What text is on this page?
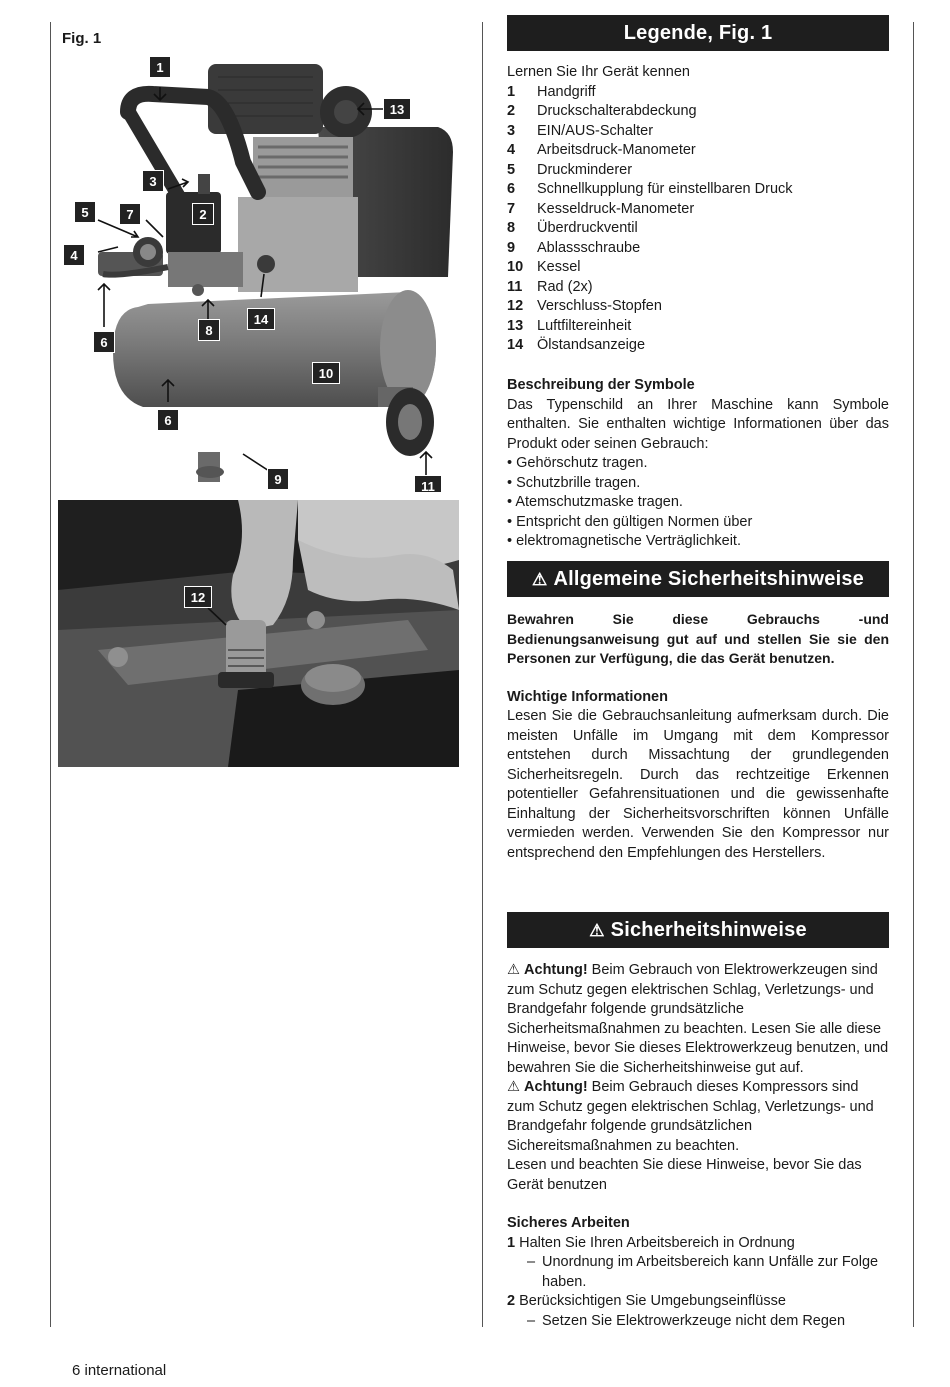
Fig. 1
1
13
3
5	7	2
4
6
8
14
10
6
9	11
12
Legende, Fig. 1

Lernen Sie Ihr Gerät kennen

1	Handgriff
2	Druckschalterabdeckung
3	EIN/AUS-Schalter
4	Arbeitsdruck-Manometer
5	Druckminderer
6	Schnellkupplung für einstellbaren Druck
7	Kesseldruck-Manometer
8	Überdruckventil
9	Ablassschraube
10 Kessel
11	Rad (2x)
12 Verschluss-Stopfen
13 Luftfiltereinheit
14 Ölstandsanzeige

Beschreibung der Symbole

Das Typenschild an Ihrer Maschine kann Symbole enthalten. Sie enthalten wichtige Informationen über das Produkt oder seinen Gebrauch:

• Gehörschutz tragen.
• Schutzbrille tragen.
• Atemschutzmaske tragen.
• Entspricht den gültigen Normen über
• elektromagnetische Verträglichkeit.
⚠ Allgemeine Sicherheitshinweise

Bewahren Sie diese Gebrauchs -und Bedienungsanweisung gut auf und stellen Sie sie den Personen zur Verfügung, die das Gerät benutzen.

Wichtige Informationen

Lesen Sie die Gebrauchsanleitung aufmerksam durch. Die meisten Unfälle im Umgang mit dem Kompressor entstehen durch Missachtung der grundlegenden Sicherheitsregeln. Durch das rechtzeitige Erkennen potentieller Gefahrensituationen und die gewissenhafte Einhaltung der Sicherheitsvorschriften können Unfälle vermieden werden. Verwenden Sie den Kompressor nur entsprechend den Empfehlungen des Herstellers.

⚠ Sicherheitshinweise

⚠ Achtung! Beim Gebrauch von Elektrowerkzeugen sind zum Schutz gegen elektrischen Schlag, Verletzungs- und Brandgefahr folgende grundsätzliche Sicherheitsmaßnahmen zu beachten. Lesen Sie alle diese Hinweise, bevor Sie dieses Elektrowerkzeug benutzen, und bewahren Sie die Sicherheitshinweise gut auf.

⚠ Achtung! Beim Gebrauch dieses Kompressors sind zum Schutz gegen elektrischen Schlag, Verletzungs- und Brandgefahr folgende grundsätzlichen Sichereitsmaßnahmen zu beachten.

Lesen und beachten Sie diese Hinweise, bevor Sie das Gerät benutzen

Sicheres Arbeiten

1 Halten Sie Ihren Arbeitsbereich in Ordnung
– Unordnung im Arbeitsbereich kann Unfälle zur Folge haben.
2 Berücksichtigen Sie Umgebungseinflüsse
– Setzen Sie Elektrowerkzeuge nicht dem Regen
6 international
